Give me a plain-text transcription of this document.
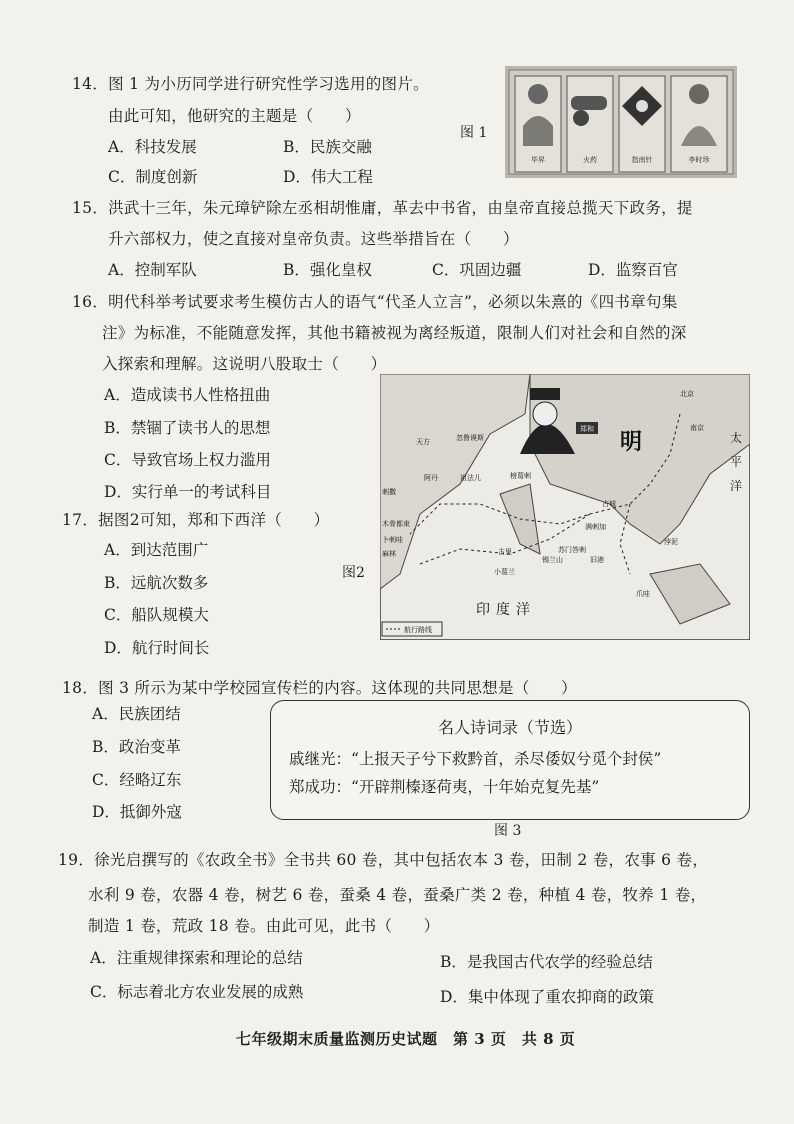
14．图 1 为小历同学进行研究性学习选用的图片。
由此可知，他研究的主题是（　　）
A．科技发展	B．民族交融
C．制度创新	D．伟大工程
图 1
毕昇	火药	指南针	李时珍
15．洪武十三年，朱元璋铲除左丞相胡惟庸，革去中书省，由皇帝直接总揽天下政务，提
升六部权力，使之直接对皇帝负责。这些举措旨在（　　）
A．控制军队	B．强化皇权	C．巩固边疆	D．监察百官
16．明代科举考试要求考生模仿古人的语气“代圣人立言”，必须以朱熹的《四书章句集
注》为标准，不能随意发挥，其他书籍被视为离经叛道，限制人们对社会和自然的深
入探索和理解。这说明八股取士（　　）
A．造成读书人性格扭曲
B．禁锢了读书人的思想
C．导致官场上权力滥用
D．实行单一的考试科目
17．据图2可知，郑和下西洋（　　）
A．到达范围广
B．远航次数多
C．船队规模大
D．航行时间长
图2
郑和
明	太
平
洋
印度洋
北京
南京
忽鲁谟斯
天方
阿丹	祖法儿	榜葛剌
锡兰山
古里
旧港
满剌加
占城
木骨都束
麻林
卜剌哇
苏门答剌
爪哇
刺撒
小葛兰
浡泥
航行路线
18．图 3 所示为某中学校园宣传栏的内容。这体现的共同思想是（　　）
A．民族团结
B．政治变革
C．经略辽东
D．抵御外寇
名人诗词录（节选）
戚继光：“上报天子兮下救黔首，杀尽倭奴兮觅个封侯”
郑成功：“开辟荆榛逐荷夷，十年始克复先基”
图 3
19．徐光启撰写的《农政全书》全书共 60 卷，其中包括农本 3 卷，田制 2 卷，农事 6 卷，
水利 9 卷，农器 4 卷，树艺 6 卷，蚕桑 4 卷，蚕桑广类 2 卷，种植 4 卷，牧养 1 卷，
制造 1 卷，荒政 18 卷。由此可见，此书（　　）
A．注重规律探索和理论的总结	B．是我国古代农学的经验总结
C．标志着北方农业发展的成熟	D．集中体现了重农抑商的政策
七年级期末质量监测历史试题　第 3 页　共 8 页
